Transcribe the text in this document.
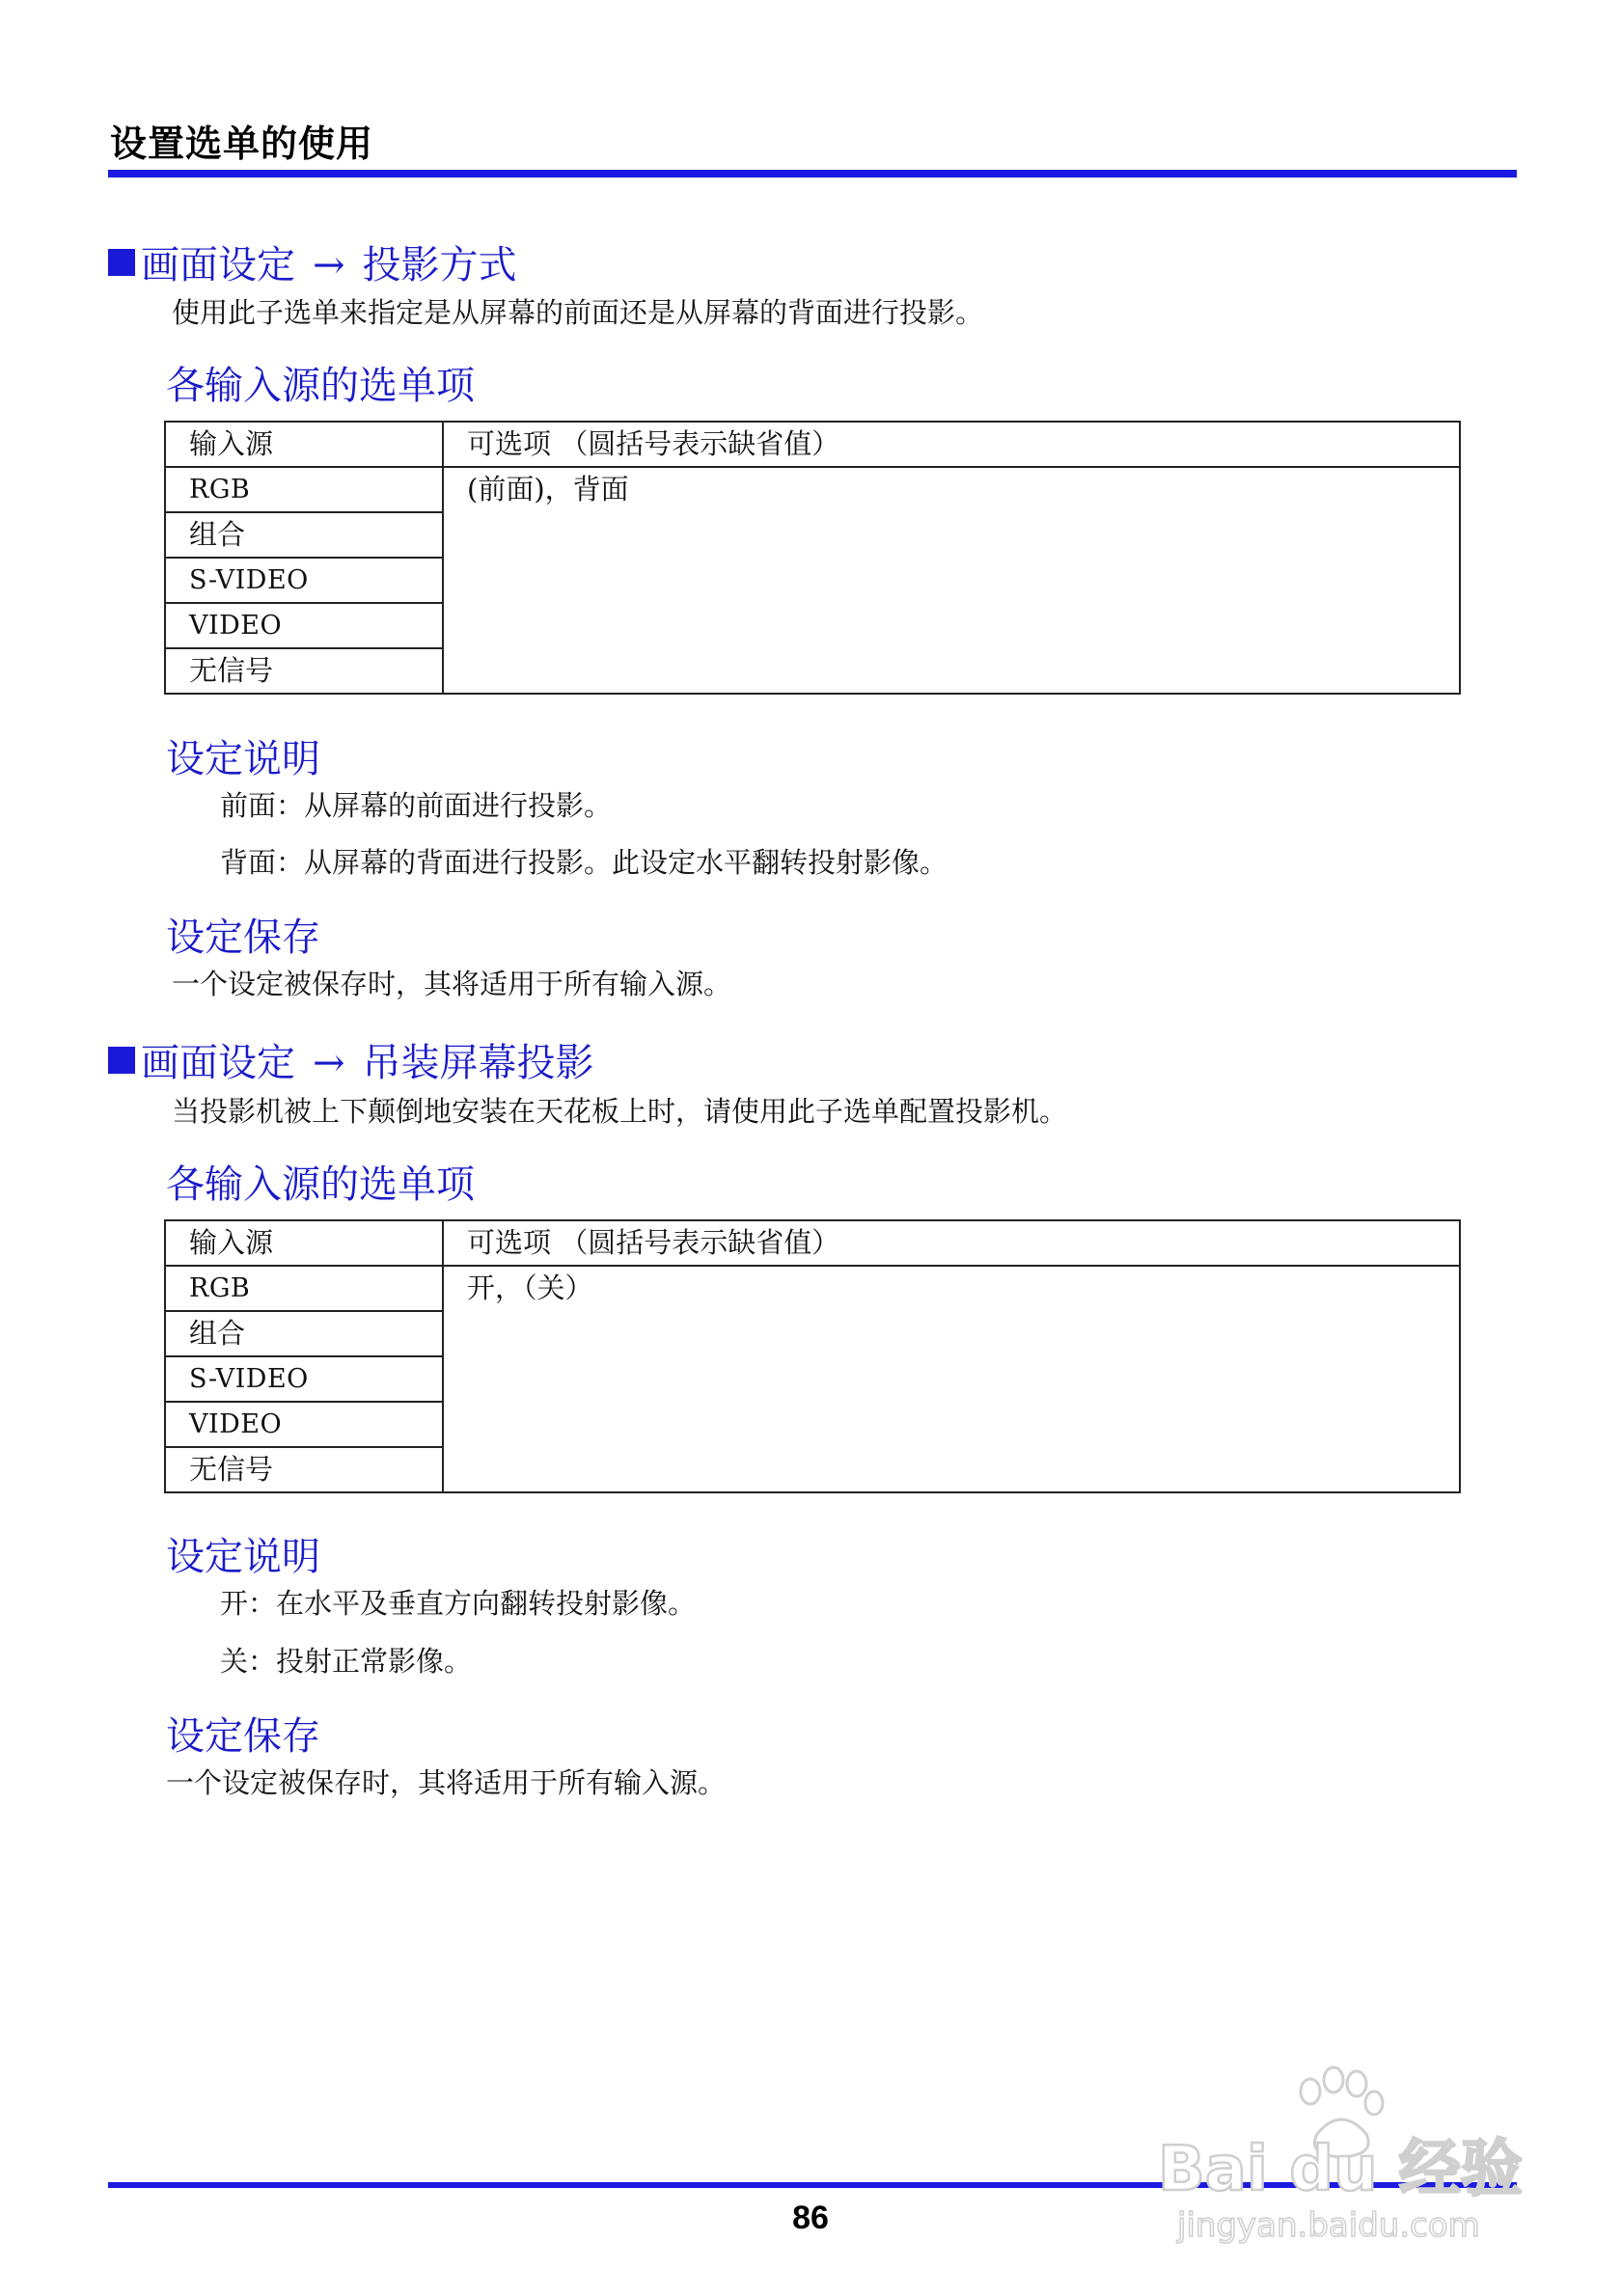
设置选单的使用
画面设定 → 投影方式
使用此子选单来指定是从屏幕的前面还是从屏幕的背面进行投影。
各输入源的选单项
输入源	可选项 （圆括号表示缺省值）
RGB	(前面)，背面
组合	
S-VIDEO	
VIDEO	
无信号	
设定说明
前面：从屏幕的前面进行投影。
背面：从屏幕的背面进行投影。此设定水平翻转投射影像。
设定保存
一个设定被保存时，其将适用于所有输入源。
画面设定 → 吊装屏幕投影
当投影机被上下颠倒地安装在天花板上时，请使用此子选单配置投影机。
各输入源的选单项
输入源	可选项 （圆括号表示缺省值）
RGB	开，（关）
组合	
S-VIDEO	
VIDEO	
无信号	
设定说明
开：在水平及垂直方向翻转投射影像。
关：投射正常影像。
设定保存
一个设定被保存时，其将适用于所有输入源。
86
Bai du 经验
jingyan.baidu.com
